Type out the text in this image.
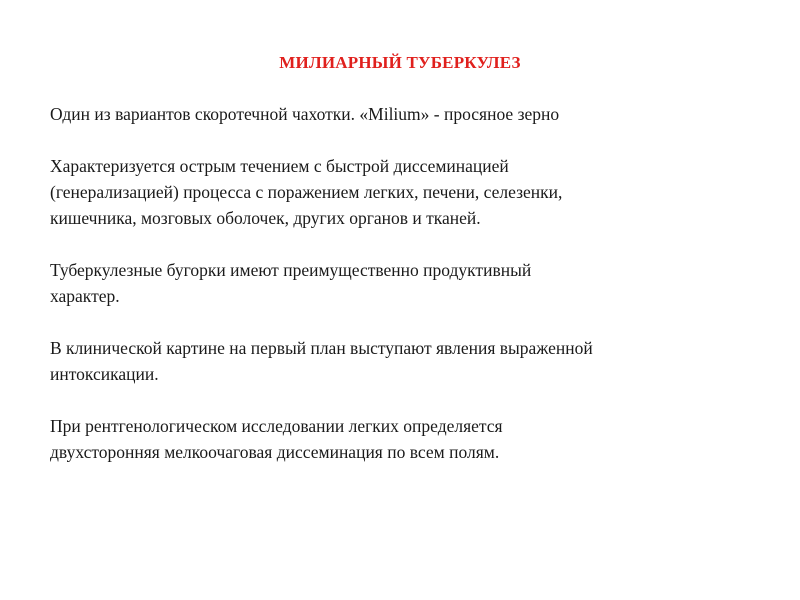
МИЛИАРНЫЙ ТУБЕРКУЛЕЗ

Один из вариантов скоротечной чахотки. «Milium» - просяное зерно

Характеризуется острым течением с быстрой диссеминацией
(генерализацией) процесса с поражением легких, печени, селезенки,
кишечника, мозговых оболочек, других органов и тканей.

Туберкулезные бугорки имеют преимущественно продуктивный
характер.

В клинической картине на первый план выступают явления выраженной
интоксикации.

При рентгенологическом исследовании легких определяется
двухсторонняя мелкоочаговая диссеминация по всем полям.
